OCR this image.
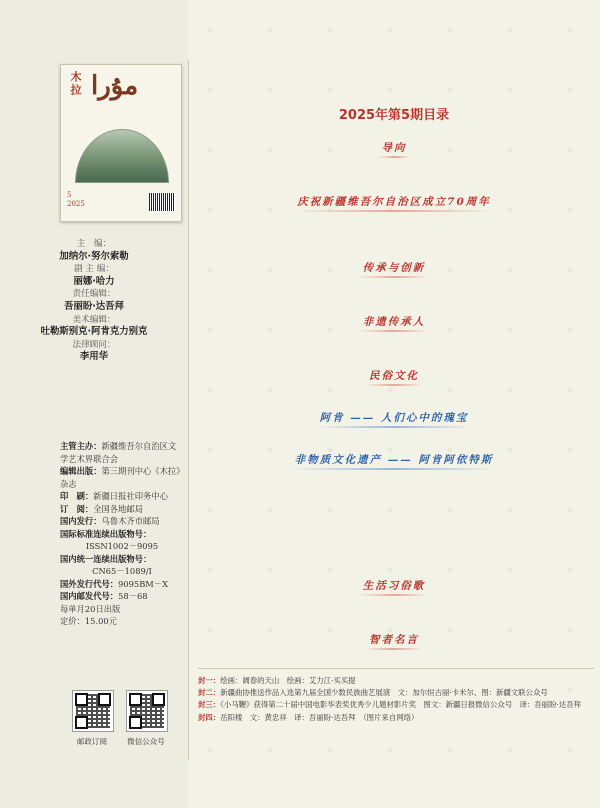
木拉 مۇرا
5
2025
主　编：
加纳尔·努尔索勒
副 主 编：
丽娜·哈力
责任编辑：
吾丽盼·达吾拜
美术编辑：
吐勒斯别克·阿肯克力别克
法律顾问：
李用华
主管主办：新疆维吾尔自治区文学艺术界联合会
编辑出版：第三期刊中心《木拉》杂志
印　刷：新疆日报社印务中心
订　阅：全国各地邮局
国内发行：乌鲁木齐市邮局
国际标准连续出版物号：
ISSN1002－9095
国内统一连续出版物号：
CN65－1089/I
国外发行代号：9095BM－X
国内邮发代号：58－68
每单月20日出版
定价：15.00元
邮政订阅	微信公众号
2025年第5期目录
导向
庆祝新疆维吾尔自治区成立70周年
传承与创新
非遗传承人
民俗文化
阿肯 —— 人们心中的瑰宝
非物质文化遗产 —— 阿肯阿依特斯
生活习俗歌
智者名言
封一：绘画：阔春的天山　绘画：艾力江·买买提
封二：新疆曲协推送作品入选第九届全国少数民族曲艺展演　文：加尔恒古丽·卡米尔、图：新疆文联公众号
封三：《小马鞭》获得第二十届中国电影华表奖优秀少儿题材影片奖　图文：新疆日报微信公众号　译：吾丽盼·达吾拜
封四：岳阳楼　文：黄忠祥　译：吾丽盼·达吾拜　（图片来自网络）
